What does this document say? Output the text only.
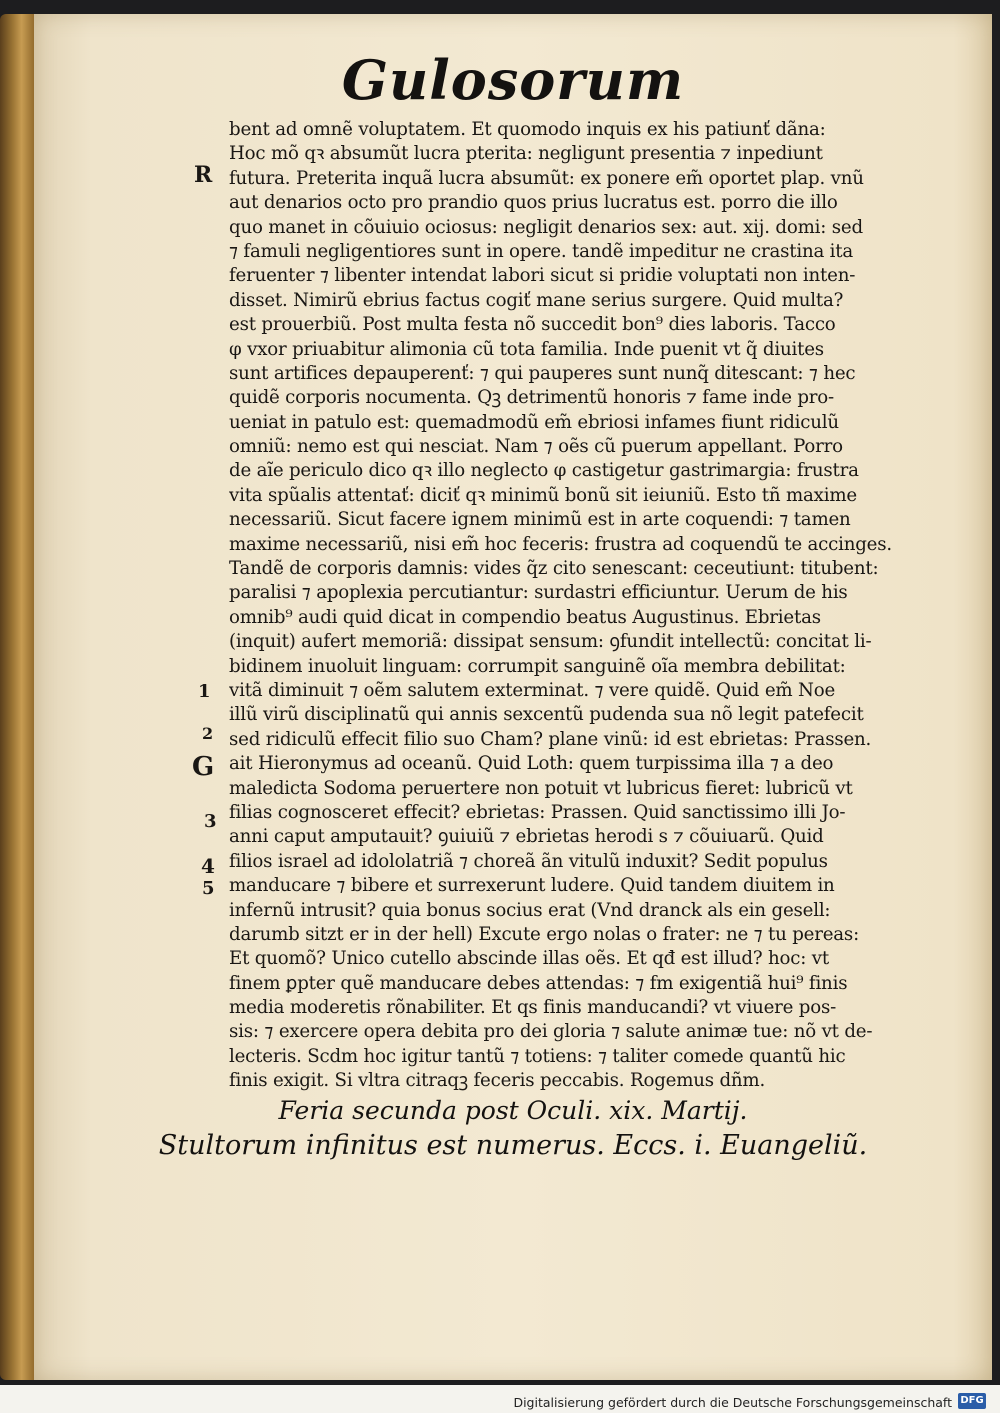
Gulosorum
R
1
2
G
3
4
5
bent ad omnẽ voluptatem. Et quomodo inquis ex his patiunť dãna:
Hoc mõ qꝛ absumũt lucra pterita: negligunt presentia ⁊ inpediunt
futura. Preterita inquã lucra absumũt: ex ponere em̃ oportet plap. vnũ
aut denarios octo pro prandio quos prius lucratus est. porro die illo
quo manet in cõuiuio ociosus: negligit denarios sex: aut. xij. domi: sed
⁊ famuli negligentiores sunt in opere. tandẽ impeditur ne crastina ita
feruenter ⁊ libenter intendat labori sicut si pridie voluptati non inten-
disset. Nimirũ ebrius factus cogiť mane serius surgere. Quid multa?
est prouerbiũ. Post multa festa nõ succedit bon⁹ dies laboris. Tacco
φ vxor priuabitur alimonia cũ tota familia. Inde puenit vt q̃ diuites
sunt artifices depauperenť: ⁊ qui pauperes sunt nunq̃ ditescant: ⁊ hec
quidẽ corporis nocumenta. Qꝫ detrimentũ honoris ⁊ fame inde pro-
ueniat in patulo est: quemadmodũ em̃ ebriosi infames fiunt ridiculũ
omniũ: nemo est qui nesciat. Nam ⁊ oẽs cũ puerum appellant. Porro
de aĩe periculo dico qꝛ illo neglecto φ castigetur gastrimargia: frustra
vita spũalis attentať: diciť qꝛ minimũ bonũ sit ieiuniũ. Esto tñ maxime
necessariũ. Sicut facere ignem minimũ est in arte coquendi: ⁊ tamen
maxime necessariũ, nisi em̃ hoc feceris: frustra ad coquendũ te accinges.
Tandẽ de corporis damnis: vides q̃z cito senescant: ceceutiunt: titubent:
paralisi ⁊ apoplexia percutiantur: surdastri efficiuntur. Uerum de his
omnib⁹ audi quid dicat in compendio beatus Augustinus. Ebrietas
(inquit) aufert memoriã: dissipat sensum: ꝯfundit intellectũ: concitat li-
bidinem inuoluit linguam: corrumpit sanguinẽ oĩa membra debilitat:
vitã diminuit ⁊ oẽm salutem exterminat. ⁊ vere quidẽ. Quid em̃ Noe
illũ virũ disciplinatũ qui annis sexcentũ pudenda sua nõ legit patefecit
sed ridiculũ effecit filio suo Cham? plane vinũ: id est ebrietas: Prassen.
ait Hieronymus ad oceanũ. Quid Loth: quem turpissima illa ⁊ a deo
maledicta Sodoma peruertere non potuit vt lubricus fieret: lubricũ vt
filias cognosceret effecit? ebrietas: Prassen. Quid sanctissimo illi Jo-
anni caput amputauit? ꝯuiuiũ ⁊ ebrietas herodi s ⁊ cõuiuarũ. Quid
filios israel ad idololatriã ⁊ choreã ãn vitulũ induxit? Sedit populus
manducare ⁊ bibere et surrexerunt ludere. Quid tandem diuitem in
infernũ intrusit? quia bonus socius erat (Vnd dranck als ein gesell:
darumb sitzt er in der hell) Excute ergo nolas o frater: ne ⁊ tu pereas:
Et quomõ? Unico cutello abscinde illas oẽs. Et qđ est illud? hoc: vt
finem ꝑpter quẽ manducare debes attendas: ⁊ fm exigentiã hui⁹ finis
media moderetis rõnabiliter. Et qs finis manducandi? vt viuere pos-
sis: ⁊ exercere opera debita pro dei gloria ⁊ salute animæ tue: nõ vt de-
lecteris. Scdm hoc igitur tantũ ⁊ totiens: ⁊ taliter comede quantũ hic
finis exigit. Si vltra citraqꝫ feceris peccabis. Rogemus dñm.
Feria secunda post Oculi. xix. Martij.
Stultorum infinitus est numerus. Eccs. i. Euangeliũ.
Digitalisierung gefördert durch die Deutsche Forschungsgemeinschaft DFG
